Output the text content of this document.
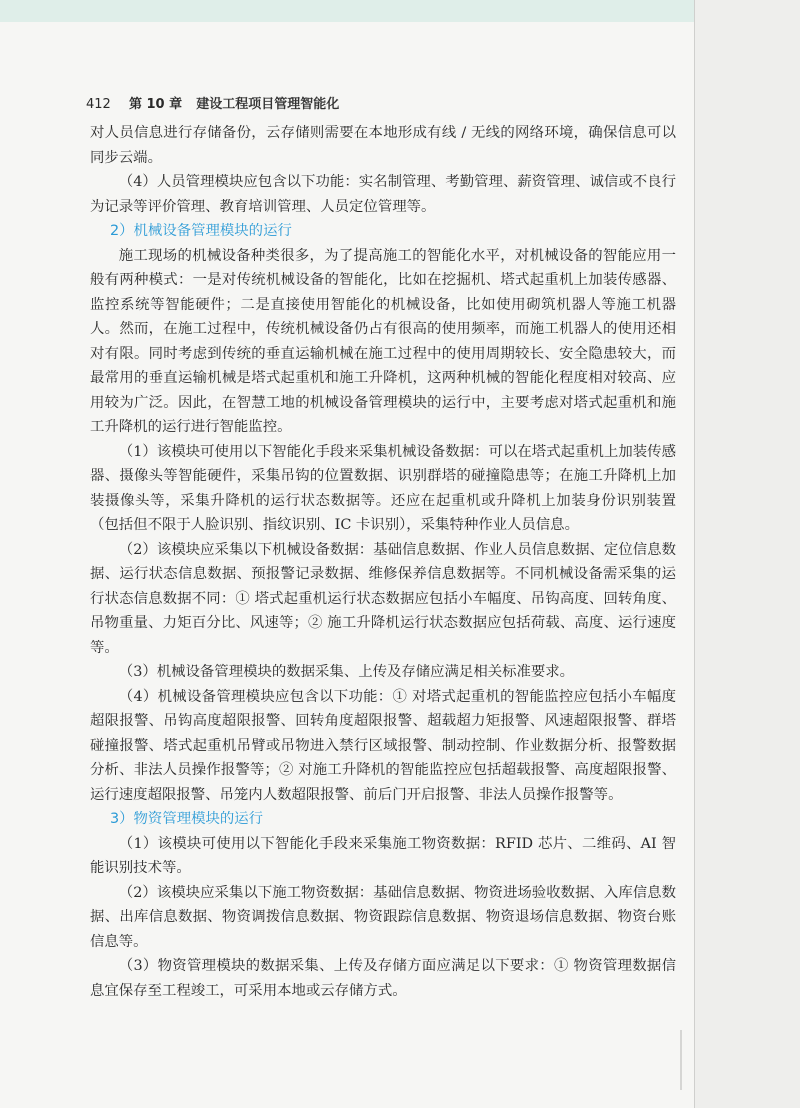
412 第 10 章 建设工程项目管理智能化

对人员信息进行存储备份，云存储则需要在本地形成有线 / 无线的网络环境，确保信息可以同步云端。

（4）人员管理模块应包含以下功能：实名制管理、考勤管理、薪资管理、诚信或不良行为记录等评价管理、教育培训管理、人员定位管理等。

2）机械设备管理模块的运行

施工现场的机械设备种类很多，为了提高施工的智能化水平，对机械设备的智能应用一般有两种模式：一是对传统机械设备的智能化，比如在挖掘机、塔式起重机上加装传感器、监控系统等智能硬件；二是直接使用智能化的机械设备，比如使用砌筑机器人等施工机器人。然而，在施工过程中，传统机械设备仍占有很高的使用频率，而施工机器人的使用还相对有限。同时考虑到传统的垂直运输机械在施工过程中的使用周期较长、安全隐患较大，而最常用的垂直运输机械是塔式起重机和施工升降机，这两种机械的智能化程度相对较高、应用较为广泛。因此，在智慧工地的机械设备管理模块的运行中，主要考虑对塔式起重机和施工升降机的运行进行智能监控。

（1）该模块可使用以下智能化手段来采集机械设备数据：可以在塔式起重机上加装传感器、摄像头等智能硬件，采集吊钩的位置数据、识别群塔的碰撞隐患等；在施工升降机上加装摄像头等，采集升降机的运行状态数据等。还应在起重机或升降机上加装身份识别装置（包括但不限于人脸识别、指纹识别、IC 卡识别），采集特种作业人员信息。

（2）该模块应采集以下机械设备数据：基础信息数据、作业人员信息数据、定位信息数据、运行状态信息数据、预报警记录数据、维修保养信息数据等。不同机械设备需采集的运行状态信息数据不同：① 塔式起重机运行状态数据应包括小车幅度、吊钩高度、回转角度、吊物重量、力矩百分比、风速等；② 施工升降机运行状态数据应包括荷载、高度、运行速度等。

（3）机械设备管理模块的数据采集、上传及存储应满足相关标准要求。

（4）机械设备管理模块应包含以下功能：① 对塔式起重机的智能监控应包括小车幅度超限报警、吊钩高度超限报警、回转角度超限报警、超载超力矩报警、风速超限报警、群塔碰撞报警、塔式起重机吊臂或吊物进入禁行区域报警、制动控制、作业数据分析、报警数据分析、非法人员操作报警等；② 对施工升降机的智能监控应包括超载报警、高度超限报警、运行速度超限报警、吊笼内人数超限报警、前后门开启报警、非法人员操作报警等。

3）物资管理模块的运行

（1）该模块可使用以下智能化手段来采集施工物资数据：RFID 芯片、二维码、AI 智能识别技术等。

（2）该模块应采集以下施工物资数据：基础信息数据、物资进场验收数据、入库信息数据、出库信息数据、物资调拨信息数据、物资跟踪信息数据、物资退场信息数据、物资台账信息等。

（3）物资管理模块的数据采集、上传及存储方面应满足以下要求：① 物资管理数据信息宜保存至工程竣工，可采用本地或云存储方式。
